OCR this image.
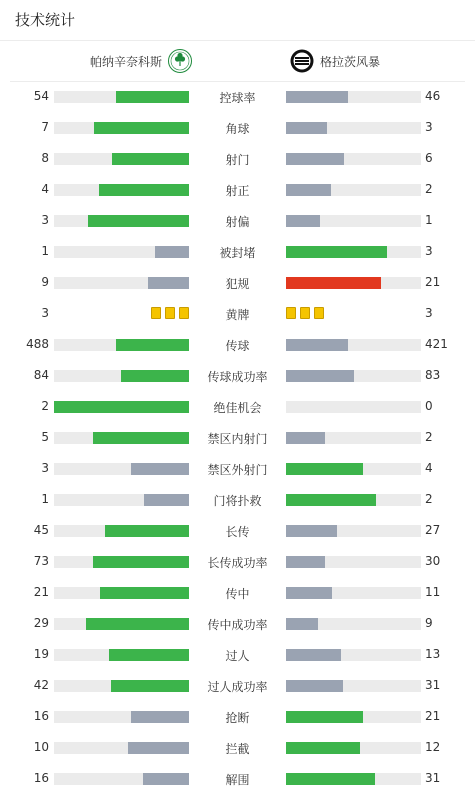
技术统计
帕纳辛奈科斯	格拉茨风暴
54	控球率	46
7	角球	3
8	射门	6
4	射正	2
3	射偏	1
1	被封堵	3
9	犯规	21
3	黄牌	3
488	传球	421
84	传球成功率	83
2	绝佳机会	0
5	禁区内射门	2
3	禁区外射门	4
1	门将扑救	2
45	长传	27
73	长传成功率	30
21	传中	11
29	传中成功率	9
19	过人	13
42	过人成功率	31
16	抢断	21
10	拦截	12
16	解围	31
